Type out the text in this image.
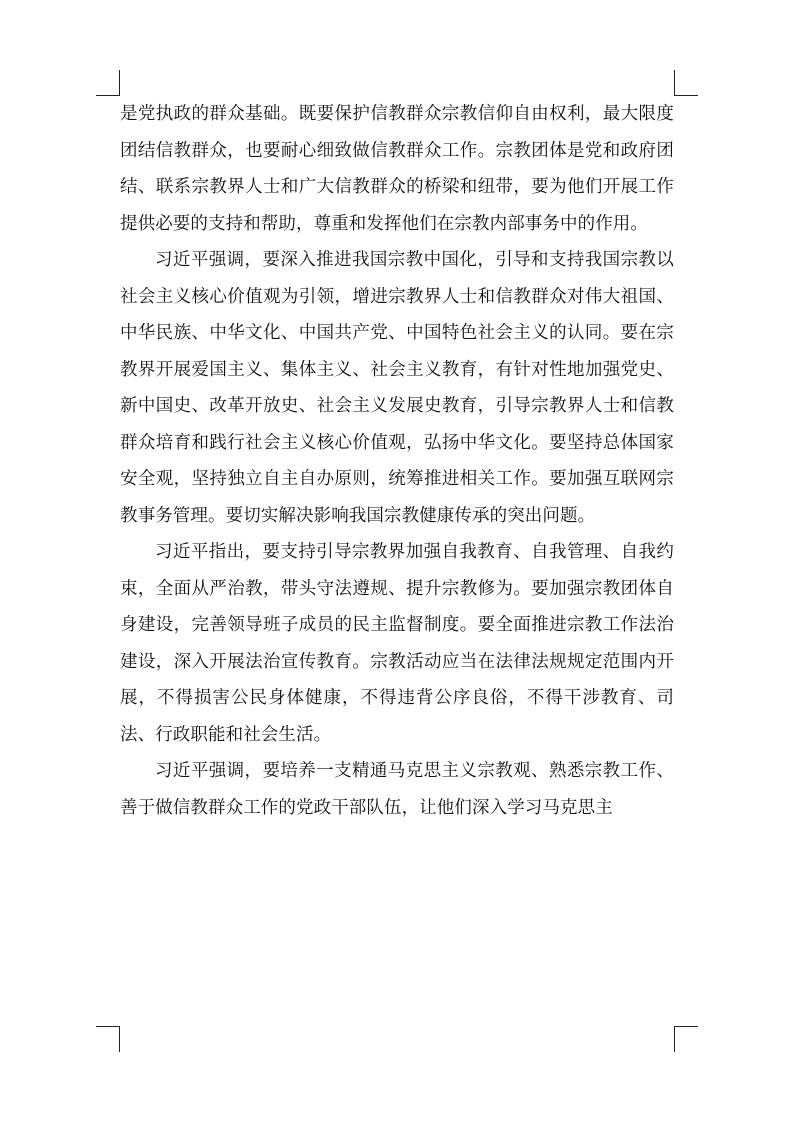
是党执政的群众基础。既要保护信教群众宗教信仰自由权利，最大限度团结信教群众，也要耐心细致做信教群众工作。宗教团体是党和政府团结、联系宗教界人士和广大信教群众的桥梁和纽带，要为他们开展工作提供必要的支持和帮助，尊重和发挥他们在宗教内部事务中的作用。

习近平强调，要深入推进我国宗教中国化，引导和支持我国宗教以社会主义核心价值观为引领，增进宗教界人士和信教群众对伟大祖国、中华民族、中华文化、中国共产党、中国特色社会主义的认同。要在宗教界开展爱国主义、集体主义、社会主义教育，有针对性地加强党史、新中国史、改革开放史、社会主义发展史教育，引导宗教界人士和信教群众培育和践行社会主义核心价值观，弘扬中华文化。要坚持总体国家安全观，坚持独立自主自办原则，统筹推进相关工作。要加强互联网宗教事务管理。要切实解决影响我国宗教健康传承的突出问题。

习近平指出，要支持引导宗教界加强自我教育、自我管理、自我约束，全面从严治教，带头守法遵规、提升宗教修为。要加强宗教团体自身建设，完善领导班子成员的民主监督制度。要全面推进宗教工作法治建设，深入开展法治宣传教育。宗教活动应当在法律法规规定范围内开展，不得损害公民身体健康，不得违背公序良俗，不得干涉教育、司法、行政职能和社会生活。

习近平强调，要培养一支精通马克思主义宗教观、熟悉宗教工作、善于做信教群众工作的党政干部队伍，让他们深入学习马克思主
